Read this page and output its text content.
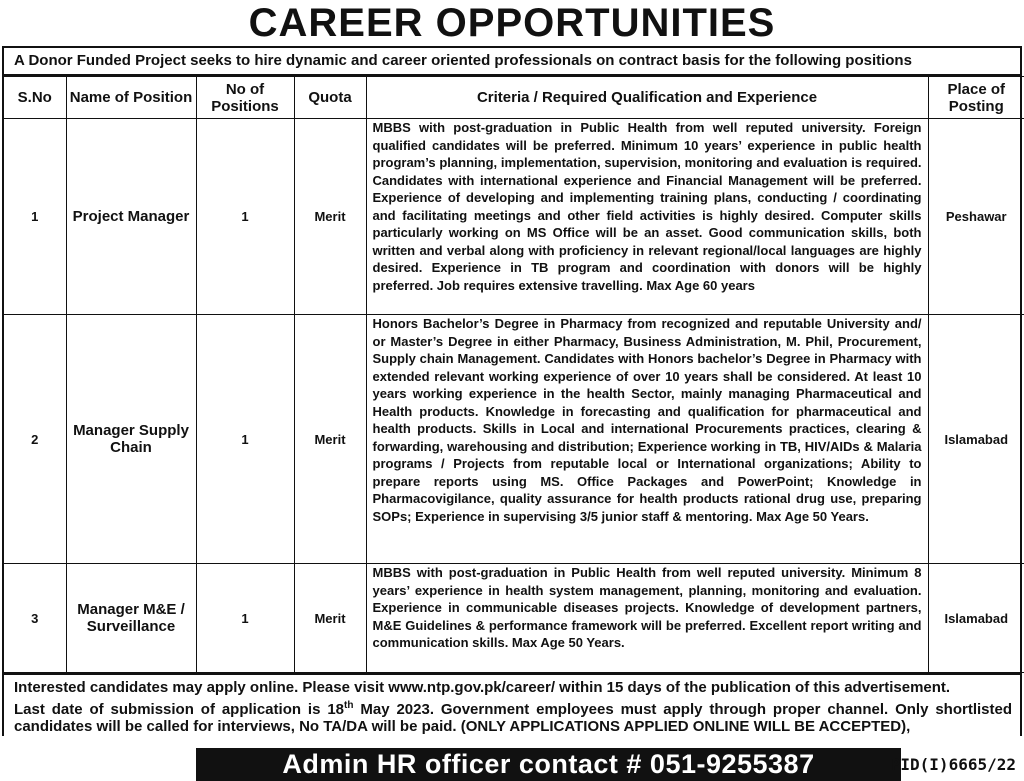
CAREER OPPORTUNITIES
A Donor Funded Project seeks to hire dynamic and career oriented professionals on contract basis for the following positions
S.No	Name of Position	No of Positions	Quota	Criteria / Required Qualification and Experience	Place of Posting
1	Project Manager	1	Merit	MBBS with post-graduation in Public Health from well reputed university. Foreign qualified candidates will be preferred. Minimum 10 years’ experience in public health program’s planning, implementation, supervision, monitoring and evaluation is required. Candidates with international experience and Financial Management will be preferred. Experience of developing and implementing training plans, conducting / coordinating and facilitating meetings and other field activities is highly desired. Computer skills particularly working on MS Office will be an asset. Good communication skills, both written and verbal along with proficiency in relevant regional/local languages are highly desired. Experience in TB program and coordination with donors will be highly preferred. Job requires extensive travelling. Max Age 60 years	Peshawar
2	Manager Supply Chain	1	Merit	Honors Bachelor’s Degree in Pharmacy from recognized and reputable University and/ or Master’s Degree in either Pharmacy, Business Administration, M. Phil, Procurement, Supply chain Management. Candidates with Honors bachelor’s Degree in Pharmacy with extended relevant working experience of over 10 years shall be considered. At least 10 years working experience in the health Sector, mainly managing Pharmaceutical and Health products. Knowledge in forecasting and qualification for pharmaceutical and health products. Skills in Local and international Procurements practices, clearing & forwarding, warehousing and distribution; Experience working in TB, HIV/AIDs & Malaria programs / Projects from reputable local or International organizations; Ability to prepare reports using MS. Office Packages and PowerPoint; Knowledge in Pharmacovigilance, quality assurance for health products rational drug use, preparing SOPs; Experience in supervising 3/5 junior staff & mentoring. Max Age 50 Years.	Islamabad
3	Manager M&E / Surveillance	1	Merit	MBBS with post-graduation in Public Health from well reputed university. Minimum 8 years’ experience in health system management, planning, monitoring and evaluation. Experience in communicable diseases projects. Knowledge of development partners, M&E Guidelines & performance framework will be preferred. Excellent report writing and communication skills. Max Age 50 Years.	Islamabad
Interested candidates may apply online. Please visit www.ntp.gov.pk/career/ within 15 days of the publication of this advertisement.
Last date of submission of application is 18th May 2023. Government employees must apply through proper channel. Only shortlisted candidates will be called for interviews, No TA/DA will be paid. (ONLY APPLICATIONS APPLIED ONLINE WILL BE ACCEPTED),
Admin HR officer contact # 051-9255387	PID(I)6665/22
